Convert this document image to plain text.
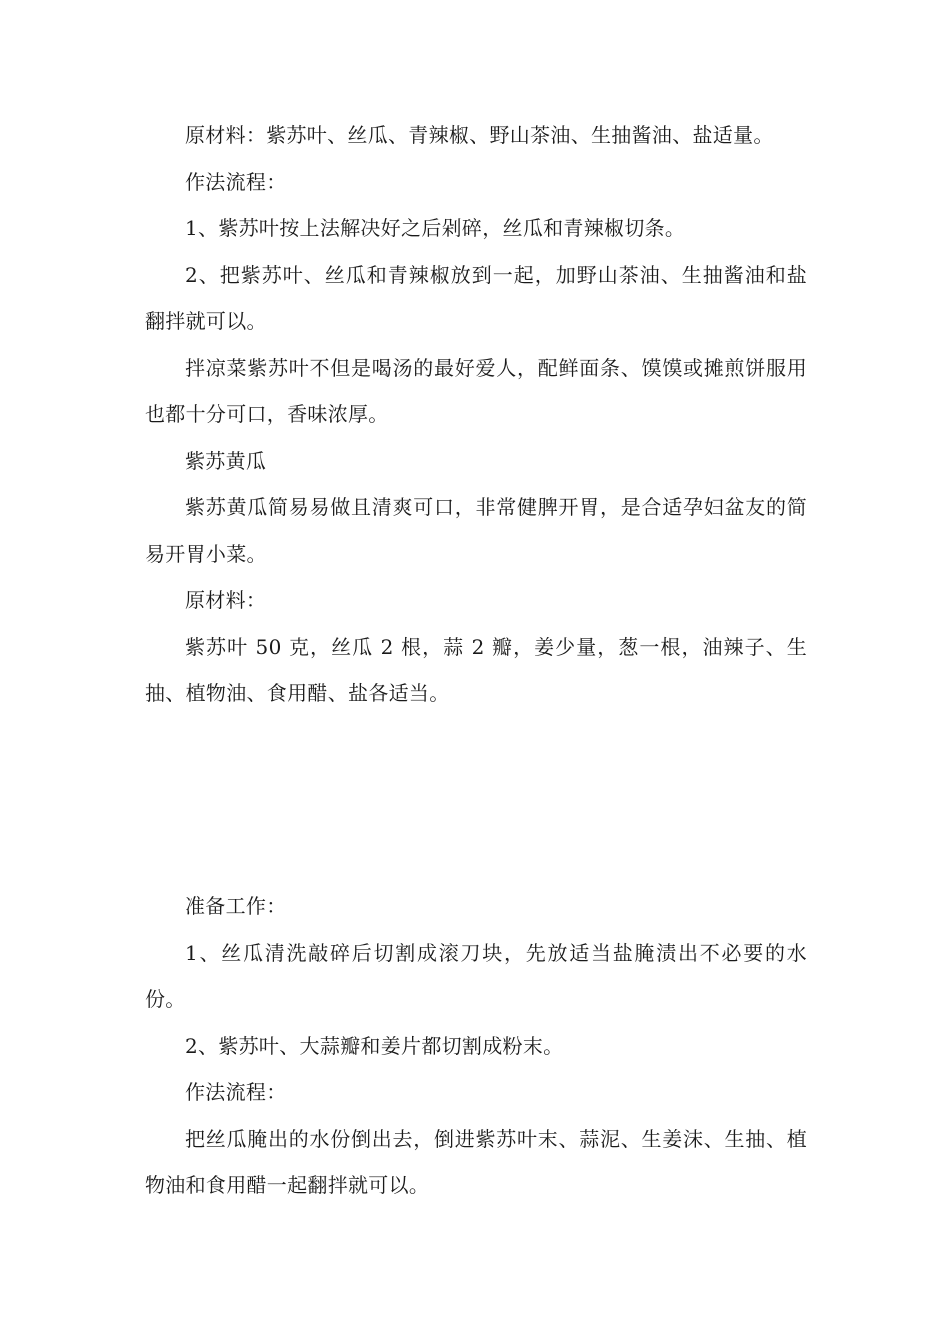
原材料：紫苏叶、丝瓜、青辣椒、野山茶油、生抽酱油、盐适量。

作法流程：

1、紫苏叶按上法解决好之后剁碎，丝瓜和青辣椒切条。

2、把紫苏叶、丝瓜和青辣椒放到一起，加野山茶油、生抽酱油和盐翻拌就可以。

拌凉菜紫苏叶不但是喝汤的最好爱人，配鲜面条、馍馍或摊煎饼服用也都十分可口，香味浓厚。

紫苏黄瓜

紫苏黄瓜简易易做且清爽可口，非常健脾开胃，是合适孕妇盆友的简易开胃小菜。

原材料：

紫苏叶 50 克，丝瓜 2 根，蒜 2 瓣，姜少量，葱一根，油辣子、生抽、植物油、食用醋、盐各适当。

准备工作：

1、丝瓜清洗敲碎后切割成滚刀块，先放适当盐腌渍出不必要的水份。

2、紫苏叶、大蒜瓣和姜片都切割成粉末。

作法流程：

把丝瓜腌出的水份倒出去，倒进紫苏叶末、蒜泥、生姜沫、生抽、植物油和食用醋一起翻拌就可以。
